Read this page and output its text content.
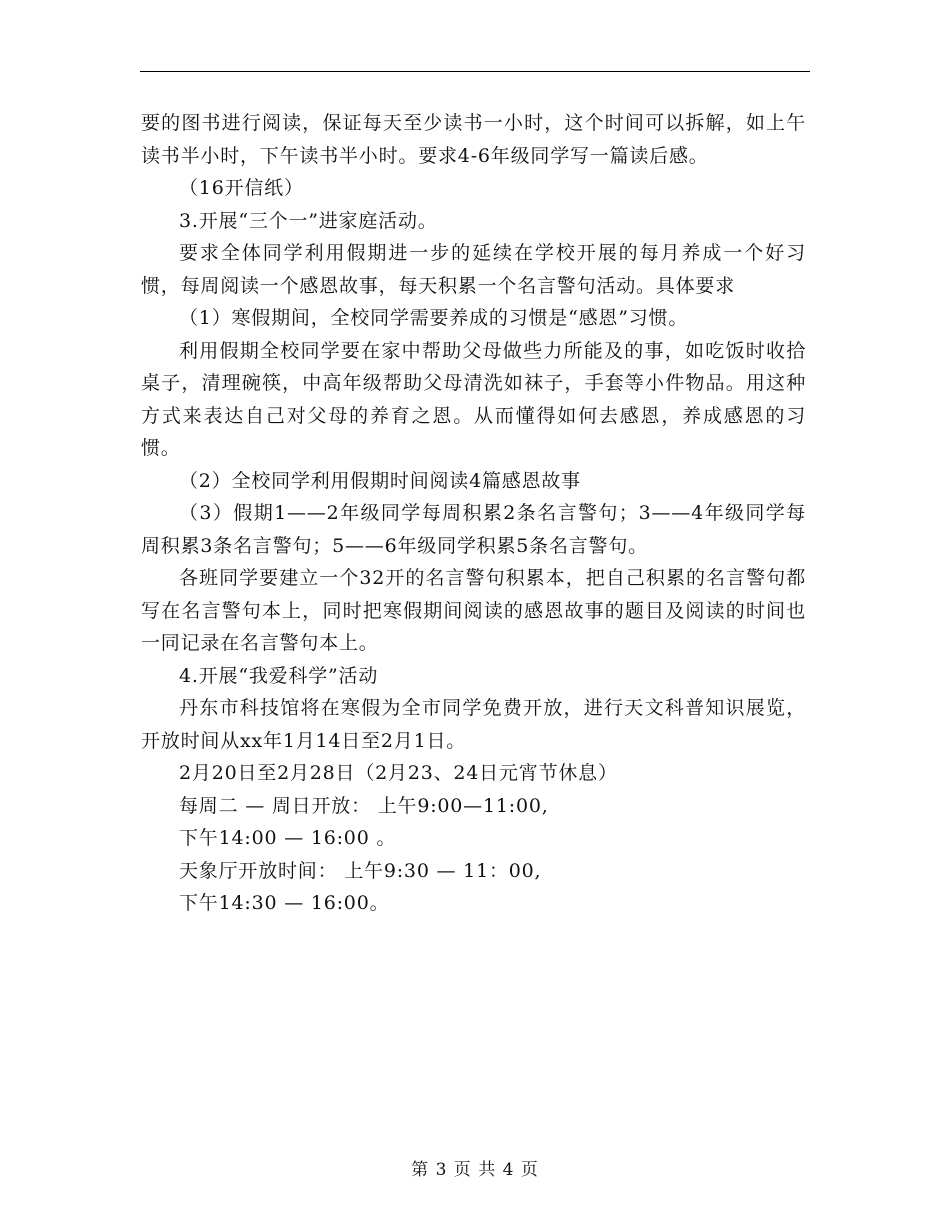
要的图书进行阅读，保证每天至少读书一小时，这个时间可以拆解，如上午读书半小时，下午读书半小时。要求4-6年级同学写一篇读后感。

（16开信纸）

3.开展“三个一”进家庭活动。

要求全体同学利用假期进一步的延续在学校开展的每月养成一个好习惯，每周阅读一个感恩故事，每天积累一个名言警句活动。具体要求

（1）寒假期间，全校同学需要养成的习惯是“感恩”习惯。

利用假期全校同学要在家中帮助父母做些力所能及的事，如吃饭时收拾桌子，清理碗筷，中高年级帮助父母清洗如袜子，手套等小件物品。用这种方式来表达自己对父母的养育之恩。从而懂得如何去感恩，养成感恩的习惯。

（2）全校同学利用假期时间阅读4篇感恩故事

（3）假期1——2年级同学每周积累2条名言警句；3——4年级同学每周积累3条名言警句；5——6年级同学积累5条名言警句。

各班同学要建立一个32开的名言警句积累本，把自己积累的名言警句都写在名言警句本上，同时把寒假期间阅读的感恩故事的题目及阅读的时间也一同记录在名言警句本上。

4.开展“我爱科学”活动

丹东市科技馆将在寒假为全市同学免费开放，进行天文科普知识展览，开放时间从xx年1月14日至2月1日。

2月20日至2月28日（2月23、24日元宵节休息）

每周二 — 周日开放： 上午9:00—11:00,

下午14:00 — 16:00 。

天象厅开放时间： 上午9:30 — 11：00,

下午14:30 — 16:00。

第 3 页 共 4 页
